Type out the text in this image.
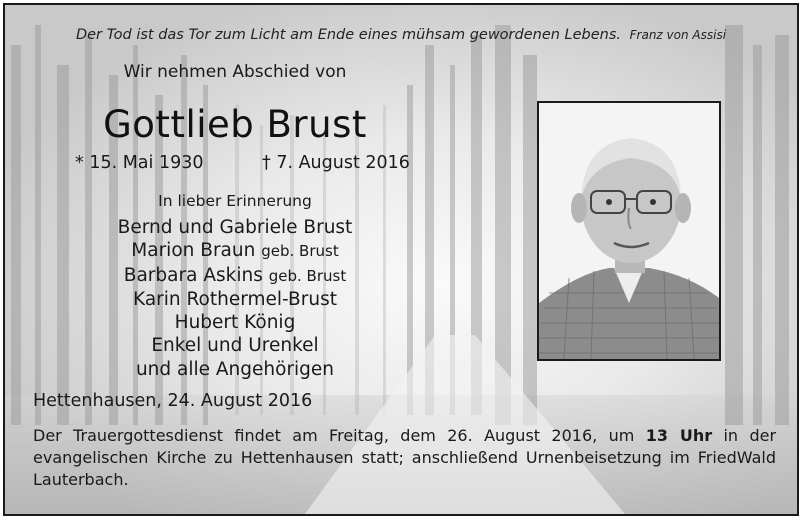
Der Tod ist das Tor zum Licht am Ende eines mühsam gewordenen Lebens. Franz von Assisi
Wir nehmen Abschied von
Gottlieb Brust
* 15. Mai 1930	† 7. August 2016
In lieber Erinnerung
Bernd und Gabriele Brust
Marion Braun geb. Brust
Barbara Askins geb. Brust
Karin Rothermel-Brust
Hubert König
Enkel und Urenkel
und alle Angehörigen
Hettenhausen, 24. August 2016
Der Trauergottesdienst findet am Freitag, dem 26. August 2016, um 13 Uhr in der evangelischen Kirche zu Hettenhausen statt; anschließend Urnenbeisetzung im FriedWald Lauterbach.
